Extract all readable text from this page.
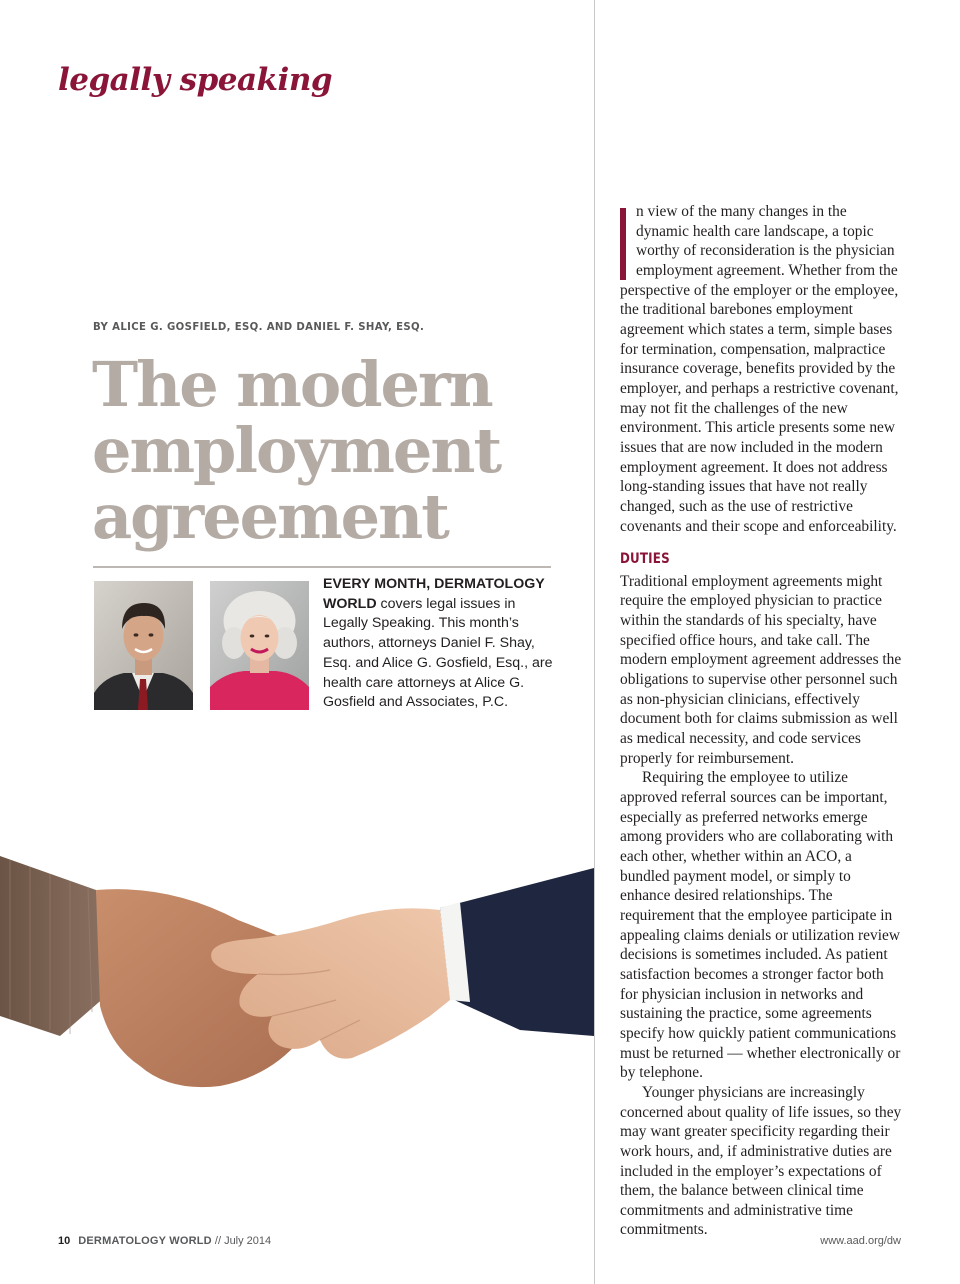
legally speaking
BY ALICE G. GOSFIELD, ESQ. AND DANIEL F. SHAY, ESQ.
The modern
employment
agreement
EVERY MONTH, DERMATOLOGY WORLD covers legal issues in Legally Speaking. This month’s authors, attorneys Daniel F. Shay, Esq. and Alice G. Gosfield, Esq., are health care attorneys at Alice G. Gosfield and Associates, P.C.

n view of the many changes in the dynamic health care landscape, a topic worthy of reconsideration is the physician employment agreement. Whether from the perspective of the employer or the employee, the traditional barebones employment agreement which states a term, simple bases for termination, compensation, malpractice insurance coverage, benefits provided by the employer, and perhaps a restrictive covenant, may not fit the challenges of the new environment. This article presents some new issues that are now included in the modern employment agreement. It does not address long-standing issues that have not really changed, such as the use of restrictive covenants and their scope and enforceability.

DUTIES

Traditional employment agreements might require the employed physician to practice within the standards of his specialty, have specified office hours, and take call. The modern employment agreement addresses the obligations to supervise other personnel such as non-physician clinicians, effectively document both for claims submission as well as medical necessity, and code services properly for reimbursement.

Requiring the employee to utilize approved referral sources can be important, especially as preferred networks emerge among providers who are collaborating with each other, whether within an ACO, a bundled payment model, or simply to enhance desired relationships. The requirement that the employee participate in appealing claims denials or utilization review decisions is sometimes included. As patient satisfaction becomes a stronger factor both for physician inclusion in networks and sustaining the practice, some agreements specify how quickly patient communications must be returned — whether electronically or by telephone.

Younger physicians are increasingly concerned about quality of life issues, so they may want greater specificity regarding their work hours, and, if administrative duties are included in the employer’s expectations of them, the balance between clinical time commitments and administrative time commitments.

10 DERMATOLOGY WORLD // July 2014	www.aad.org/dw
